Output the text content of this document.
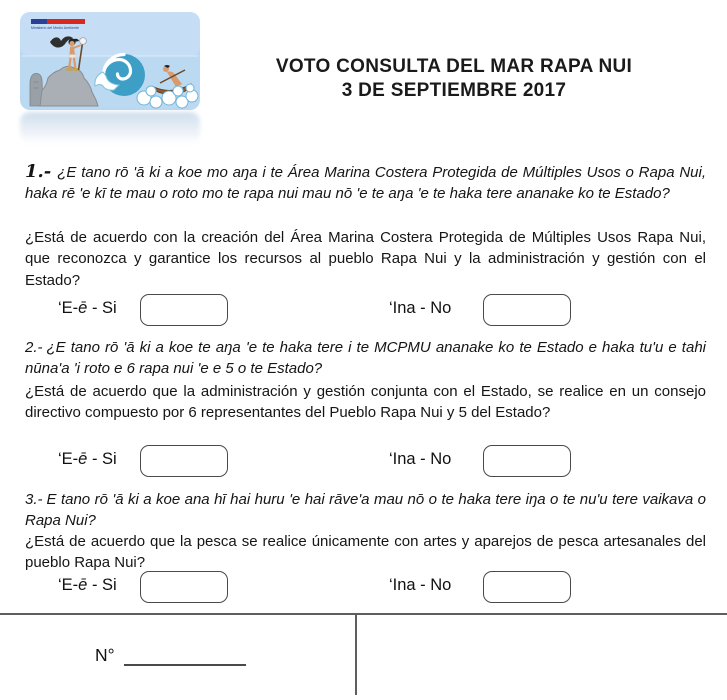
Ministerio del Medio Ambiente
VOTO CONSULTA DEL MAR RAPA NUI
3 DE SEPTIEMBRE 2017

1.- ¿E tano rō 'ā ki a koe mo aŋa i te Área Marina Costera Protegida de Múltiples Usos o Rapa Nui, haka rē 'e kī te mau o roto mo te rapa nui mau nō 'e te aŋa 'e te haka tere ananake ko te Estado?

¿Está de acuerdo con la creación del Área Marina Costera Protegida de Múltiples Usos Rapa Nui, que reconozca y garantice los recursos al pueblo Rapa Nui y la administración y gestión con el Estado?

‘E-ē - Si	‘Ina - No

2.- ¿E tano rō 'ā ki a koe te aŋa 'e te haka tere i te MCPMU ananake ko te Estado e haka tu'u e tahi nūna'a 'i roto e 6 rapa nui 'e e 5 o te Estado?

¿Está de acuerdo que la administración y gestión conjunta con el Estado, se realice en un consejo directivo compuesto por 6 representantes del Pueblo Rapa Nui y 5 del Estado?

‘E-ē - Si	‘Ina - No

3.- E tano rō 'ā ki a koe ana hī hai huru 'e hai rāve'a mau nō o te haka tere iŋa o te nu'u tere vaikava o Rapa Nui?

¿Está de acuerdo que la pesca se realice únicamente con artes y aparejos de pesca artesanales del pueblo Rapa Nui?

‘E-ē - Si	‘Ina - No
N°
